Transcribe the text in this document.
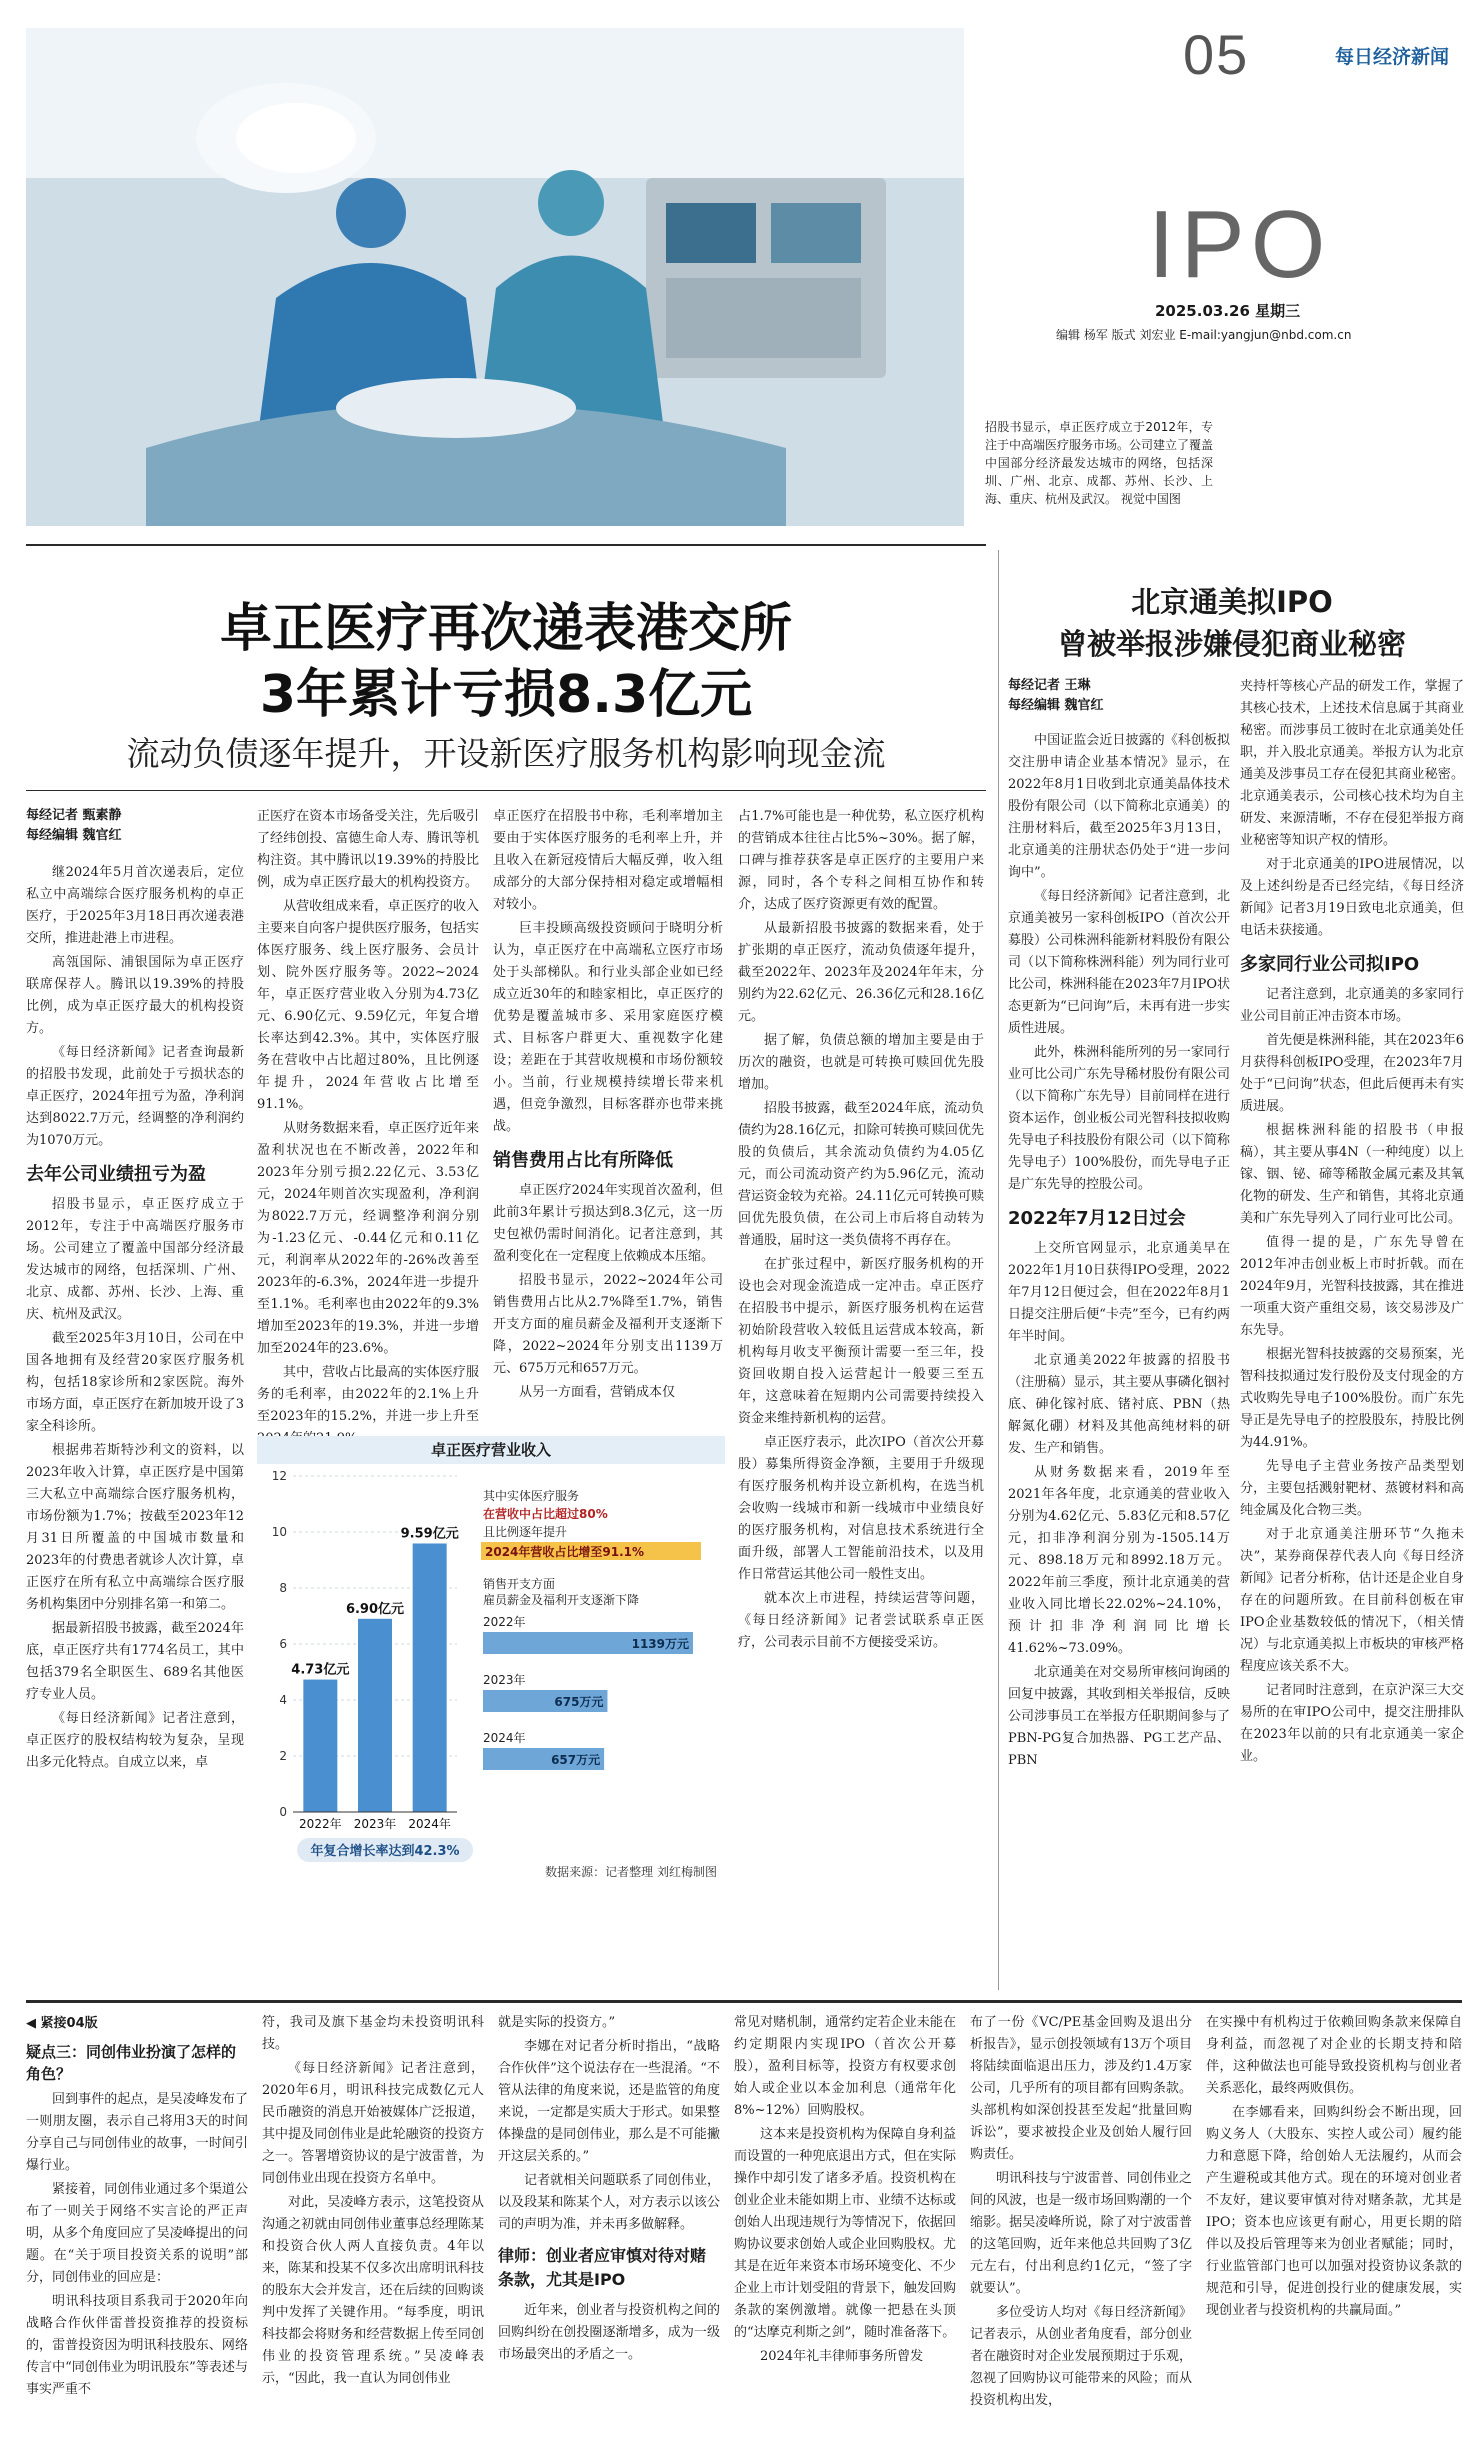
05	每日经济新闻
IPO
2025.03.26 星期三
编辑 杨军 版式 刘宏业 E-mail:yangjun@nbd.com.cn
招股书显示，卓正医疗成立于2012年，专注于中高端医疗服务市场。公司建立了覆盖中国部分经济最发达城市的网络，包括深圳、广州、北京、成都、苏州、长沙、上海、重庆、杭州及武汉。 视觉中国图
卓正医疗再次递表港交所
3年累计亏损8.3亿元
流动负债逐年提升，开设新医疗服务机构影响现金流
每经记者 甄素静
每经编辑 魏官红

继2024年5月首次递表后，定位私立中高端综合医疗服务机构的卓正医疗，于2025年3月18日再次递表港交所，推进赴港上市进程。

高瓴国际、浦银国际为卓正医疗联席保荐人。腾讯以19.39%的持股比例，成为卓正医疗最大的机构投资方。

《每日经济新闻》记者查询最新的招股书发现，此前处于亏损状态的卓正医疗，2024年扭亏为盈，净利润达到8022.7万元，经调整的净利润约为1070万元。

去年公司业绩扭亏为盈

招股书显示，卓正医疗成立于2012年，专注于中高端医疗服务市场。公司建立了覆盖中国部分经济最发达城市的网络，包括深圳、广州、北京、成都、苏州、长沙、上海、重庆、杭州及武汉。

截至2025年3月10日，公司在中国各地拥有及经营20家医疗服务机构，包括18家诊所和2家医院。海外市场方面，卓正医疗在新加坡开设了3家全科诊所。

根据弗若斯特沙利文的资料，以2023年收入计算，卓正医疗是中国第三大私立中高端综合医疗服务机构，市场份额为1.7%；按截至2023年12月31日所覆盖的中国城市数量和2023年的付费患者就诊人次计算，卓正医疗在所有私立中高端综合医疗服务机构集团中分别排名第一和第二。

据最新招股书披露，截至2024年底，卓正医疗共有1774名员工，其中包括379名全职医生、689名其他医疗专业人员。

《每日经济新闻》记者注意到，卓正医疗的股权结构较为复杂，呈现出多元化特点。自成立以来，卓

正医疗在资本市场备受关注，先后吸引了经纬创投、富德生命人寿、腾讯等机构注资。其中腾讯以19.39%的持股比例，成为卓正医疗最大的机构投资方。

从营收组成来看，卓正医疗的收入主要来自向客户提供医疗服务，包括实体医疗服务、线上医疗服务、会员计划、院外医疗服务等。2022~2024年，卓正医疗营业收入分别为4.73亿元、6.90亿元、9.59亿元，年复合增长率达到42.3%。其中，实体医疗服务在营收中占比超过80%，且比例逐年提升，2024年营收占比增至91.1%。

从财务数据来看，卓正医疗近年来盈利状况也在不断改善，2022年和2023年分别亏损2.22亿元、3.53亿元，2024年则首次实现盈利，净利润为8022.7万元，经调整净利润分别为-1.23亿元、-0.44亿元和0.11亿元，利润率从2022年的-26%改善至2023年的-6.3%，2024年进一步提升至1.1%。毛利率也由2022年的9.3%增加至2023年的19.3%，并进一步增加至2024年的23.6%。

其中，营收占比最高的实体医疗服务的毛利率，由2022年的2.1%上升至2023年的15.2%，并进一步上升至

卓正医疗在招股书中称，毛利率增加主要由于实体医疗服务的毛利率上升，并且收入在新冠疫情后大幅反弹，收入组成部分的大部分保持相对稳定或增幅相对较小。

巨丰投顾高级投资顾问于晓明分析认为，卓正医疗在中高端私立医疗市场处于头部梯队。和行业头部企业如已经成立近30年的和睦家相比，卓正医疗的优势是覆盖城市多、采用家庭医疗模式、目标客户群更大、重视数字化建设；差距在于其营收规模和市场份额较小。当前，行业规模持续增长带来机遇，但竞争激烈，目标客群亦也带来挑战。

销售费用占比有所降低

卓正医疗2024年实现首次盈利，但此前3年累计亏损达到8.3亿元，这一历史包袱仍需时间消化。记者注意到，其盈利变化在一定程度上依赖成本压缩。

招股书显示，2022~2024年公司销售费用占比从2.7%降至1.7%，销售开支方面的雇员薪金及福利开支逐渐下降，2022~2024年分别支出1139万元、675万元和657万元。

从另一方面看，营销成本仅

占1.7%可能也是一种优势，私立医疗机构的营销成本往往占比5%~30%。据了解，口碑与推荐获客是卓正医疗的主要用户来源，同时，各个专科之间相互协作和转介，达成了医疗资源更有效的配置。

从最新招股书披露的数据来看，处于扩张期的卓正医疗，流动负债逐年提升，截至2022年、2023年及2024年年末，分别约为22.62亿元、26.36亿元和28.16亿元。

据了解，负债总额的增加主要是由于历次的融资，也就是可转换可赎回优先股增加。

招股书披露，截至2024年底，流动负债约为28.16亿元，扣除可转换可赎回优先股的负债后，其余流动负债约为4.05亿元，而公司流动资产约为5.96亿元，流动营运资金较为充裕。24.11亿元可转换可赎回优先股负债，在公司上市后将自动转为普通股，届时这一类负债将不再存在。

在扩张过程中，新医疗服务机构的开设也会对现金流造成一定冲击。卓正医疗在招股书中提示，新医疗服务机构在运营初始阶段营收入较低且运营成本较高，新机构每月收支平衡预计需要一至三年，投资回收期自投入运营起计一般要三至五年，这意味着在短期内公司需要持续投入资金来维持新机构的运营。

卓正医疗表示，此次IPO（首次公开募股）募集所得资金净额，主要用于升级现有医疗服务机构并设立新机构，在选当机会收购一线城市和新一线城市中业绩良好的医疗服务机构，对信息技术系统进行全面升级，部署人工智能前沿技术，以及用作日常营运其他公司一般性支出。

就本次上市进程，持续运营等问题，《每日经济新闻》记者尝试联系卓正医疗，公司表示目前不方便接受采访。

卓正医疗营业收入
0
2
4
6
8
10
12
4.73亿元
2022年
6.90亿元
2023年
9.59亿元
2024年
年复合增长率达到42.3%
其中实体医疗服务
在营收中占比超过80%
且比例逐年提升
2024年营收占比增至91.1%
销售开支方面
雇员薪金及福利开支逐渐下降
2022年
1139万元
2023年
675万元
2024年
657万元
数据来源：记者整理 刘红梅制图
北京通美拟IPO
曾被举报涉嫌侵犯商业秘密
每经记者 王琳
每经编辑 魏官红

中国证监会近日披露的《科创板拟交注册申请企业基本情况》显示，在2022年8月1日收到北京通美晶体技术股份有限公司（以下简称北京通美）的注册材料后，截至2025年3月13日，北京通美的注册状态仍处于“进一步问询中”。

《每日经济新闻》记者注意到，北京通美被另一家科创板IPO（首次公开募股）公司株洲科能新材料股份有限公司（以下简称株洲科能）列为同行业可比公司，株洲科能在2023年7月IPO状态更新为“已问询”后，未再有进一步实质性进展。

此外，株洲科能所列的另一家同行业可比公司广东先导稀材股份有限公司（以下简称广东先导）目前同样在进行资本运作，创业板公司光智科技拟收购先导电子科技股份有限公司（以下简称先导电子）100%股份，而先导电子正是广东先导的控股公司。

2022年7月12日过会

上交所官网显示，北京通美早在2022年1月10日获得IPO受理，2022年7月12日便过会，但在2022年8月1日提交注册后便“卡壳”至今，已有约两年半时间。

北京通美2022年披露的招股书（注册稿）显示，其主要从事磷化铟衬底、砷化镓衬底、锗衬底、PBN（热解氮化硼）材料及其他高纯材料的研发、生产和销售。

从财务数据来看，2019年至2021年各年度，北京通美的营业收入分别为4.62亿元、5.83亿元和8.57亿元，扣非净利润分别为-1505.14万元、898.18万元和8992.18万元。2022年前三季度，预计北京通美的营业收入同比增长22.02%~24.10%，预计扣非净利润同比增长41.62%~73.09%。

北京通美在对交易所审核问询函的回复中披露，其收到相关举报信，反映公司涉事员工在举报方任职期间参与了PBN-PG复合加热器、PG工艺产品、PBN

夹持杆等核心产品的研发工作，掌握了其核心技术，上述技术信息属于其商业秘密。而涉事员工彼时在北京通美处任职，并入股北京通美。举报方认为北京通美及涉事员工存在侵犯其商业秘密。北京通美表示，公司核心技术均为自主研发、来源清晰，不存在侵犯举报方商业秘密等知识产权的情形。

对于北京通美的IPO进展情况，以及上述纠纷是否已经完结，《每日经济新闻》记者3月19日致电北京通美，但电话未获接通。

多家同行业公司拟IPO

记者注意到，北京通美的多家同行业公司目前正冲击资本市场。

首先便是株洲科能，其在2023年6月获得科创板IPO受理，在2023年7月处于“已问询”状态，但此后便再未有实质进展。

根据株洲科能的招股书（申报稿），其主要从事4N（一种纯度）以上镓、铟、铋、碲等稀散金属元素及其氧化物的研发、生产和销售，其将北京通美和广东先导列入了同行业可比公司。

值得一提的是，广东先导曾在2012年冲击创业板上市时折戟。而在2024年9月，光智科技披露，其在推进一项重大资产重组交易，该交易涉及广东先导。

根据光智科技披露的交易预案，光智科技拟通过发行股份及支付现金的方式收购先导电子100%股份。而广东先导正是先导电子的控股股东，持股比例为44.91%。

先导电子主营业务按产品类型划分，主要包括溅射靶材、蒸镀材料和高纯金属及化合物三类。

对于北京通美注册环节“久拖未决”，某券商保荐代表人向《每日经济新闻》记者分析称，估计还是企业自身存在的问题所致。在目前科创板在审IPO企业基数较低的情况下，（相关情况）与北京通美拟上市板块的审核严格程度应该关系不大。

记者同时注意到，在京沪深三大交易所的在审IPO公司中，提交注册排队在2023年以前的只有北京通美一家企业。

◀ 紧接04版
疑点三：同创伟业扮演了怎样的角色？

回到事件的起点，是吴凌峰发布了一则朋友圈，表示自己将用3天的时间分享自己与同创伟业的故事，一时间引爆行业。

紧接着，同创伟业通过多个渠道公布了一则关于网络不实言论的严正声明，从多个角度回应了吴凌峰提出的问题。在“关于项目投资关系的说明”部分，同创伟业的回应是：

明讯科技项目系我司于2020年向战略合作伙伴雷普投资推荐的投资标的，雷普投资因为明讯科技股东、网络传言中“同创伟业为明讯股东”等表述与事实严重不

符，我司及旗下基金均未投资明讯科技。

《每日经济新闻》记者注意到，2020年6月，明讯科技完成数亿元人民币融资的消息开始被媒体广泛报道，其中提及同创伟业是此轮融资的投资方之一。答署增资协议的是宁波雷普，为同创伟业出现在投资方名单中。

对此，吴凌峰方表示，这笔投资从沟通之初就由同创伟业董事总经理陈某和投资合伙人两人直接负责。4年以来，陈某和投某不仅多次出席明讯科技的股东大会并发言，还在后续的回购谈判中发挥了关键作用。“每季度，明讯科技都会将财务和经营数据上传至同创伟业的投资管理系统。”吴凌峰表示，“因此，我一直认为同创伟业

就是实际的投资方。”

李娜在对记者分析时指出，“战略合作伙伴”这个说法存在一些混淆。“不管从法律的角度来说，还是监管的角度来说，一定都是实质大于形式。如果整体操盘的是同创伟业，那么是不可能撇开这层关系的。”

记者就相关问题联系了同创伟业，以及段某和陈某个人，对方表示以该公司的声明为准，并未再多做解释。

律师：创业者应审慎对待对赌条款，尤其是IPO

近年来，创业者与投资机构之间的回购纠纷在创投圈逐渐增多，成为一级市场最突出的矛盾之一。

常见对赌机制，通常约定若企业未能在约定期限内实现IPO（首次公开募股），盈利目标等，投资方有权要求创始人或企业以本金加利息（通常年化8%~12%）回购股权。

这本来是投资机构为保障自身利益而设置的一种兜底退出方式，但在实际操作中却引发了诸多矛盾。投资机构在创业企业未能如期上市、业绩不达标或创始人出现违规行为等情况下，依据回购协议要求创始人或企业回购股权。尤其是在近年来资本市场环境变化、不少企业上市计划受阻的背景下，触发回购条款的案例激增。就像一把悬在头顶的“达摩克利斯之剑”，随时准备落下。

2024年礼丰律师事务所曾发

布了一份《VC/PE基金回购及退出分析报告》，显示创投领域有13万个项目将陆续面临退出压力，涉及约1.4万家公司，几乎所有的项目都有回购条款。头部机构如深创投甚至发起“批量回购诉讼”，要求被投企业及创始人履行回购责任。

明讯科技与宁波雷普、同创伟业之间的风波，也是一级市场回购潮的一个缩影。据吴凌峰所说，除了对宁波雷普的这笔回购，近年来他总共回购了3亿元左右，付出利息约1亿元，“签了字就要认”。

多位受访人均对《每日经济新闻》记者表示，从创业者角度看，部分创业者在融资时对企业发展预期过于乐观，忽视了回购协议可能带来的风险；而从投资机构出发，

在实操中有机构过于依赖回购条款来保障自身利益，而忽视了对企业的长期支持和陪伴，这种做法也可能导致投资机构与创业者关系恶化，最终两败俱伤。

在李娜看来，回购纠纷会不断出现，回购义务人（大股东、实控人或公司）履约能力和意愿下降，给创始人无法履约，从而会产生避税或其他方式。现在的环境对创业者不友好，建议要审慎对待对赌条款，尤其是IPO；资本也应该更有耐心，用更长期的陪伴以及投后管理等来为创业者赋能；同时，行业监管部门也可以加强对投资协议条款的规范和引导，促进创投行业的健康发展，实现创业者与投资机构的共赢局面。”
